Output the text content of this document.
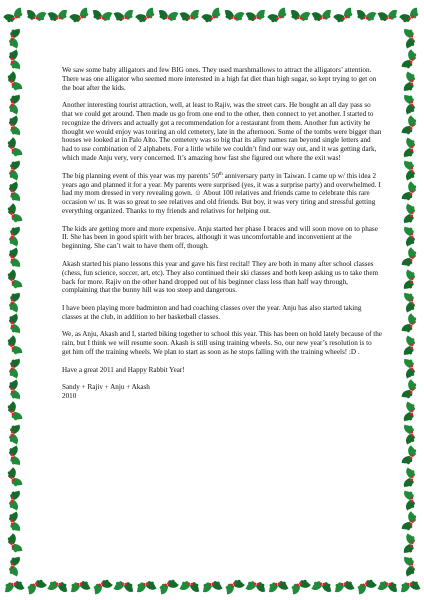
We saw some baby alligators and few BIG ones. They used marshmallows to attract the alligators’ attention. There was one alligator who seemed more interested in a high fat diet than high sugar, so kept trying to get on the boat after the kids.

Another interesting tourist attraction, well, at least to Rajiv, was the street cars. He bought an all day pass so that we could get around. Then made us go from one end to the other, then connect to yet another. I started to recognize the drivers and actually got a recommendation for a restaurant from them. Another fun activity he thought we would enjoy was touring an old cemetery, late in the afternoon. Some of the tombs were bigger than houses we looked at in Palo Alto. The cemetery was so big that its alley names ran beyond single letters and had to use combination of 2 alphabets. For a little while we couldn’t find our way out, and it was getting dark, which made Anju very, very concerned. It’s amazing how fast she figured out where the exit was!

The big planning event of this year was my parents’ 50th anniversary party in Taiwan. I came up w/ this idea 2 years ago and planned it for a year. My parents were surprised (yes, it was a surprise party) and overwhelmed. I had my mom dressed in very revealing gown. ☺ About 100 relatives and friends came to celebrate this rare occasion w/ us. It was so great to see relatives and old friends. But boy, it was very tiring and stressful getting everything organized. Thanks to my friends and relatives for helping out.

The kids are getting more and more expensive. Anju started her phase I braces and will soon move on to phase II. She has been in good spirit with her braces, although it was uncomfortable and inconvenient at the beginning. She can’t wait to have them off, though.

Akash started his piano lessons this year and gave his first recital! They are both in many after school classes (chess, fun science, soccer, art, etc). They also continued their ski classes and both keep asking us to take them back for more. Rajiv on the other hand dropped out of his beginner class less than half way through, complaining that the bunny hill was too steep and dangerous.

I have been playing more badminton and had coaching classes over the year. Anju has also started taking classes at the club, in addition to her basketball classes.

We, as Anju, Akash and I, started biking together to school this year. This has been on hold lately because of the rain, but I think we will resume soon. Akash is still using training wheels. So, our new year’s resolution is to get him off the training wheels. We plan to start as soon as he stops falling with the training wheels! :D .

Have a great 2011 and Happy Rabbit Year!

Sandy + Rajiv + Anju + Akash
2010
